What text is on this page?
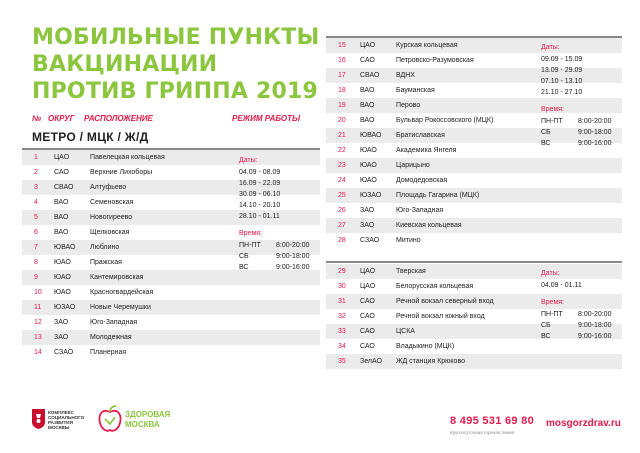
МОБИЛЬНЫЕ ПУНКТЫ
ВАКЦИНАЦИИ
ПРОТИВ ГРИППА 2019
№ ОКРУГ РАСПОЛОЖЕНИЕ	РЕЖИМ РАБОТЫ
МЕТРО / МЦК / Ж/Д
1 ЦАО	Павелецкая кольцевая
2 САО	Верхние Лихоборы
3 СВАО Алтуфьево
4 ВАО	Семеновская
5 ВАО	Новогиреево
6 ВАО	Щелковская
7 ЮВАО Люблино
8 ЮАО	Пражская
9 ЮАО	Кантемировская
10 ЮАО	Красногвардейская
11 ЮЗАО Новые Черемушки
12 ЗАО	Юго-Западная
13 ЗАО	Молодежная
14 СЗАО Планерная
Даты:
04.09 - 08.09
16.09 - 22.09
30.09 - 06.10
14.10 - 20.10
28.10 - 01.11
Время:
ПН-ПТ	8:00-20:00
СБ	9:00-18:00
ВС	9:00-16:00
15 ЦАО	Курская кольцевая
16 САО	Петровско-Разумовская
17 СВАО ВДНХ
18 ВАО	Бауманская
19 ВАО	Перово
20 ВАО	Бульвар Рокоссовского (МЦК)
21 ЮВАО Братиславская
22 ЮАО	Академика Янгеля
23 ЮАО	Царицыно
24 ЮАО	Домодедовская
25 ЮЗАО Площадь Гагарина (МЦК)
26 ЗАО	Юго-Западная
27 ЗАО	Киевская кольцевая
28 СЗАО Митино
Даты:
09.09 - 15.09
13.09 - 29.09
07.10 - 13.10
21.10 - 27.10
Время:
ПН-ПТ	8:00-20:00
СБ	9:00-18:00
ВС	9:00-16:00
29 ЦАО	Тверская
30 ЦАО	Белорусская кольцевая
31 САО	Речной вокзал северный вход
32 САО	Речной вокзал южный вход
33 САО	ЦСКА
34 САО	Владыкино (МЦК)
35 ЗелАО ЖД станция Крюково
Даты:
04.09 - 01.11
Время:
ПН-ПТ	8:00-20:00
СБ	9:00-18:00
ВС	9:00-16:00
КОМПЛЕКС
СОЦИАЛЬНОГО
РАЗВИТИЯ
МОСКВЫ
ЗДОРОВАЯ
МОСКВА	8 495 531 69 80
Круглосуточная горячая линия
mosgorzdrav.ru
